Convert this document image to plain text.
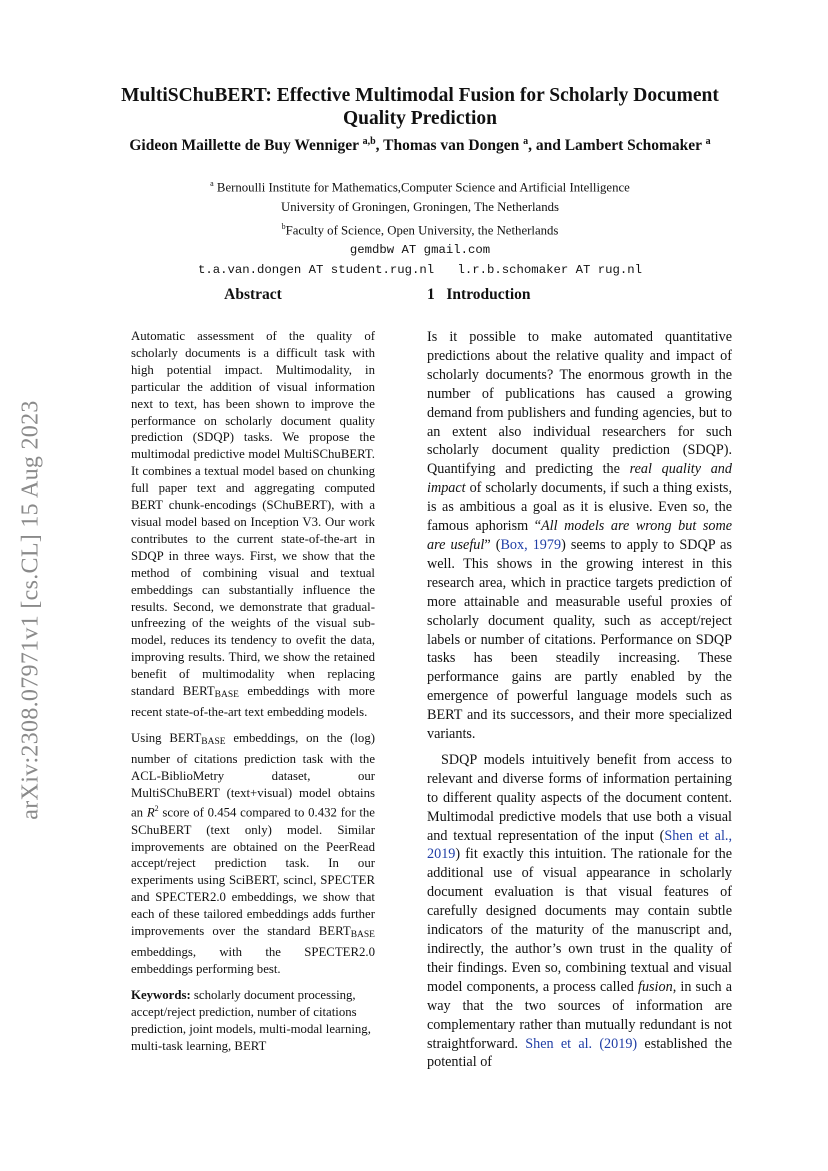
arXiv:2308.07971v1 [cs.CL] 15 Aug 2023
MultiSChuBERT: Effective Multimodal Fusion for Scholarly Document
Quality Prediction

Gideon Maillette de Buy Wenniger $^{a,b}$, Thomas van Dongen $^a$, and Lambert Schomaker $^a$

$^a$ Bernoulli Institute for Mathematics,Computer Science and Artificial Intelligence
University of Groningen, Groningen, The Netherlands
$^b$Faculty of Science, Open University, the Netherlands
gemdbw AT gmail.com
t.a.van.dongen AT student.rug.nl l.r.b.schomaker AT rug.nl
Abstract

Automatic assessment of the quality of scholarly documents is a difficult task with high potential impact. Multimodality, in particular the addition of visual information next to text, has been shown to improve the performance on scholarly document quality prediction (SDQP) tasks. We propose the multimodal predictive model MultiSChuBERT. It combines a textual model based on chunking full paper text and aggregating computed BERT chunk-encodings (SChuBERT), with a visual model based on Inception V3. Our work contributes to the current state-of-the-art in SDQP in three ways. First, we show that the method of combining visual and textual embeddings can substantially influence the results. Second, we demonstrate that gradual-unfreezing of the weights of the visual sub-model, reduces its tendency to ovefit the data, improving results. Third, we show the retained benefit of multimodality when replacing standard $BERT_{BASE}$ embeddings with more recent state-of-the-art text embedding models.

Using $BERT_{BASE}$ embeddings, on the (log) number of citations prediction task with the ACL-BiblioMetry dataset, our MultiSChuBERT (text+visual) model obtains an $R^2$ score of 0.454 compared to 0.432 for the SChuBERT (text only) model. Similar improvements are obtained on the PeerRead accept/reject prediction task. In our experiments using SciBERT, scincl, SPECTER and SPECTER2.0 embeddings, we show that each of these tailored embeddings adds further improvements over the standard $BERT_{BASE}$ embeddings, with the SPECTER2.0 embeddings performing best.

Keywords: scholarly document processing, accept/reject prediction, number of citations prediction, joint models, multi-modal learning, multi-task learning, BERT

1   Introduction

Is it possible to make automated quantitative predictions about the relative quality and impact of scholarly documents? The enormous growth in the number of publications has caused a growing demand from publishers and funding agencies, but to an extent also individual researchers for such scholarly document quality prediction (SDQP). Quantifying and predicting the real quality and impact of scholarly documents, if such a thing exists, is as ambitious a goal as it is elusive. Even so, the famous aphorism “All models are wrong but some are useful” (Box, 1979) seems to apply to SDQP as well. This shows in the growing interest in this research area, which in practice targets prediction of more attainable and measurable useful proxies of scholarly document quality, such as accept/reject labels or number of citations. Performance on SDQP tasks has been steadily increasing. These performance gains are partly enabled by the emergence of powerful language models such as BERT and its successors, and their more specialized variants.

SDQP models intuitively benefit from access to relevant and diverse forms of information pertaining to different quality aspects of the document content. Multimodal predictive models that use both a visual and textual representation of the input (Shen et al., 2019) fit exactly this intuition. The rationale for the additional use of visual appearance in scholarly document evaluation is that visual features of carefully designed documents may contain subtle indicators of the maturity of the manuscript and, indirectly, the author’s own trust in the quality of their findings. Even so, combining textual and visual model components, a process called fusion, in such a way that the two sources of information are complementary rather than mutually redundant is not straightforward. Shen et al. (2019) established the potential of
